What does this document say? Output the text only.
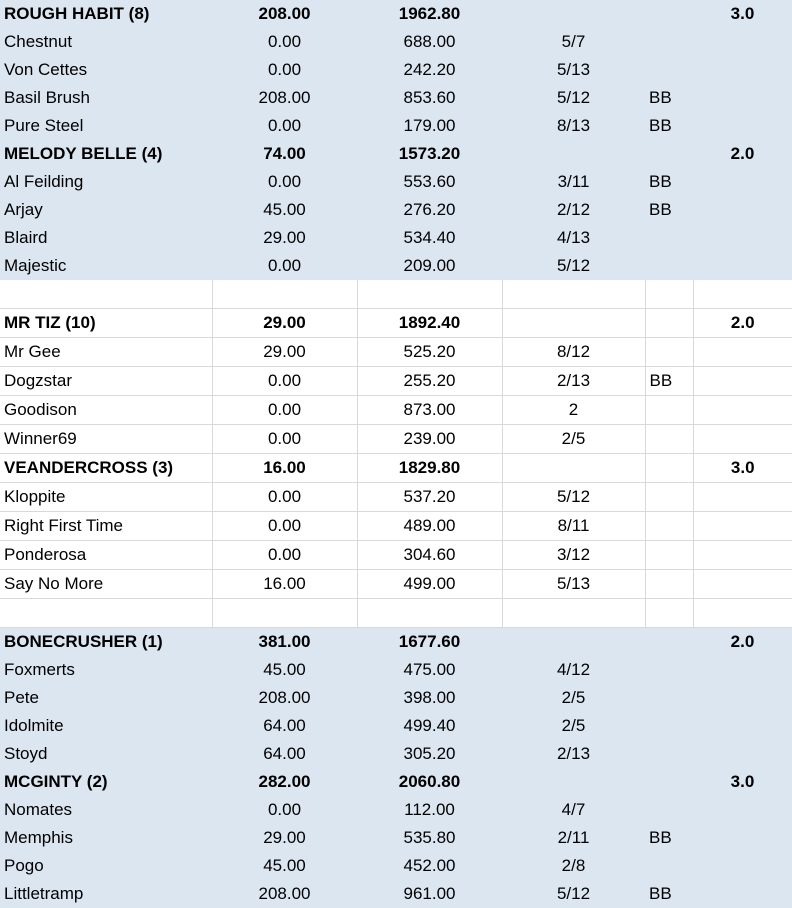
ROUGH HABIT (8)	208.00	1962.80			3.0
Chestnut	0.00	688.00	5/7		
Von Cettes	0.00	242.20	5/13		
Basil Brush	208.00	853.60	5/12	BB	
Pure Steel	0.00	179.00	8/13	BB	
MELODY BELLE (4)	74.00	1573.20			2.0
Al Feilding	0.00	553.60	3/11	BB	
Arjay	45.00	276.20	2/12	BB	
Blaird	29.00	534.40	4/13		
Majestic	0.00	209.00	5/12		

MR TIZ (10)	29.00	1892.40			2.0
Mr Gee	29.00	525.20	8/12		
Dogzstar	0.00	255.20	2/13	BB	
Goodison	0.00	873.00	2		
Winner69	0.00	239.00	2/5		
VEANDERCROSS (3)	16.00	1829.80			3.0
Kloppite	0.00	537.20	5/12		
Right First Time	0.00	489.00	8/11		
Ponderosa	0.00	304.60	3/12		
Say No More	16.00	499.00	5/13		

BONECRUSHER (1)	381.00	1677.60			2.0
Foxmerts	45.00	475.00	4/12		
Pete	208.00	398.00	2/5		
Idolmite	64.00	499.40	2/5		
Stoyd	64.00	305.20	2/13		
MCGINTY (2)	282.00	2060.80			3.0
Nomates	0.00	112.00	4/7		
Memphis	29.00	535.80	2/11	BB	
Pogo	45.00	452.00	2/8		
Littletramp	208.00	961.00	5/12	BB	
